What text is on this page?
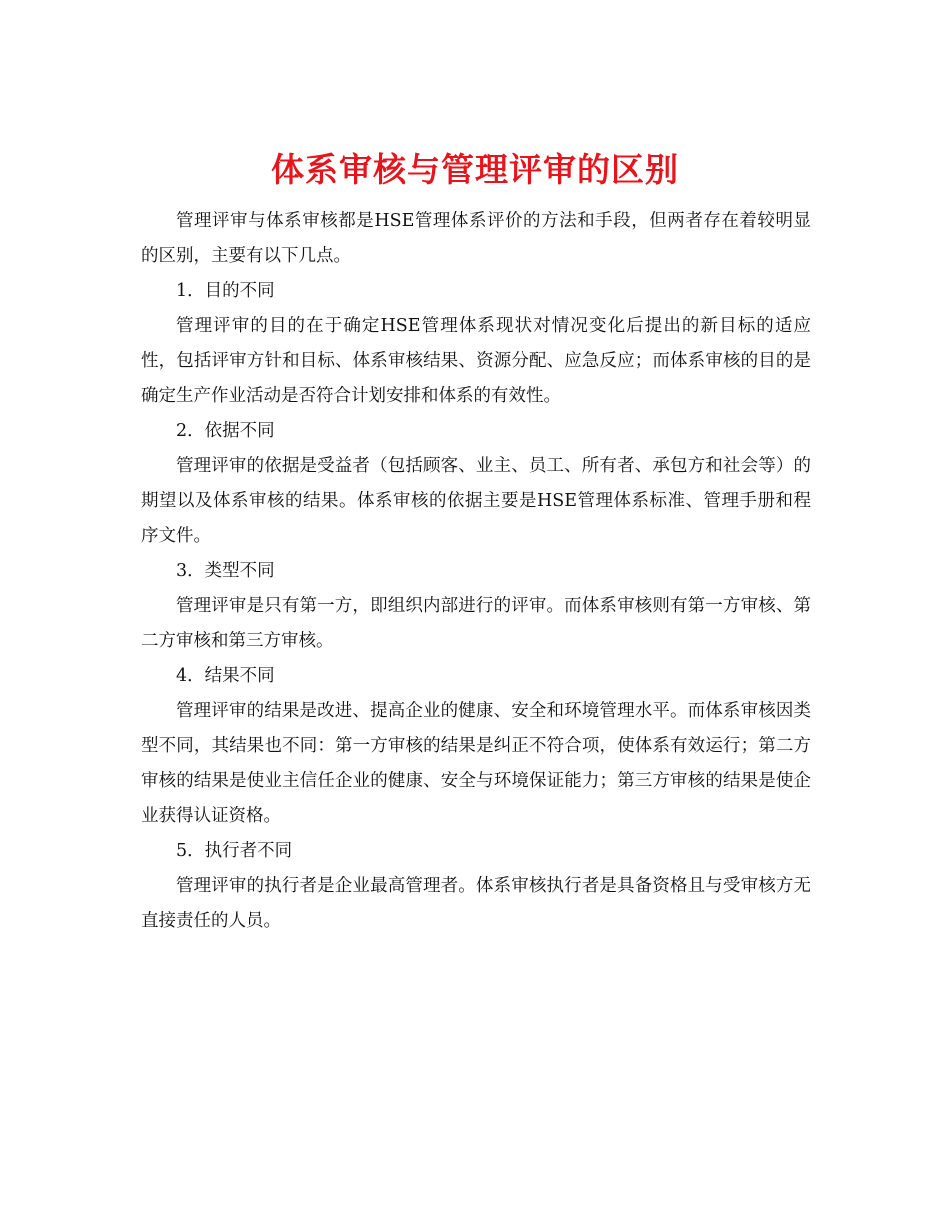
体系审核与管理评审的区别

管理评审与体系审核都是HSE管理体系评价的方法和手段，但两者存在着较明显的区别，主要有以下几点。

1．目的不同

管理评审的目的在于确定HSE管理体系现状对情况变化后提出的新目标的适应性，包括评审方针和目标、体系审核结果、资源分配、应急反应；而体系审核的目的是确定生产作业活动是否符合计划安排和体系的有效性。

2．依据不同

管理评审的依据是受益者（包括顾客、业主、员工、所有者、承包方和社会等）的期望以及体系审核的结果。体系审核的依据主要是HSE管理体系标准、管理手册和程序文件。

3．类型不同

管理评审是只有第一方，即组织内部进行的评审。而体系审核则有第一方审核、第二方审核和第三方审核。

4．结果不同

管理评审的结果是改进、提高企业的健康、安全和环境管理水平。而体系审核因类型不同，其结果也不同：第一方审核的结果是纠正不符合项，使体系有效运行；第二方审核的结果是使业主信任企业的健康、安全与环境保证能力；第三方审核的结果是使企业获得认证资格。

5．执行者不同

管理评审的执行者是企业最高管理者。体系审核执行者是具备资格且与受审核方无直接责任的人员。
